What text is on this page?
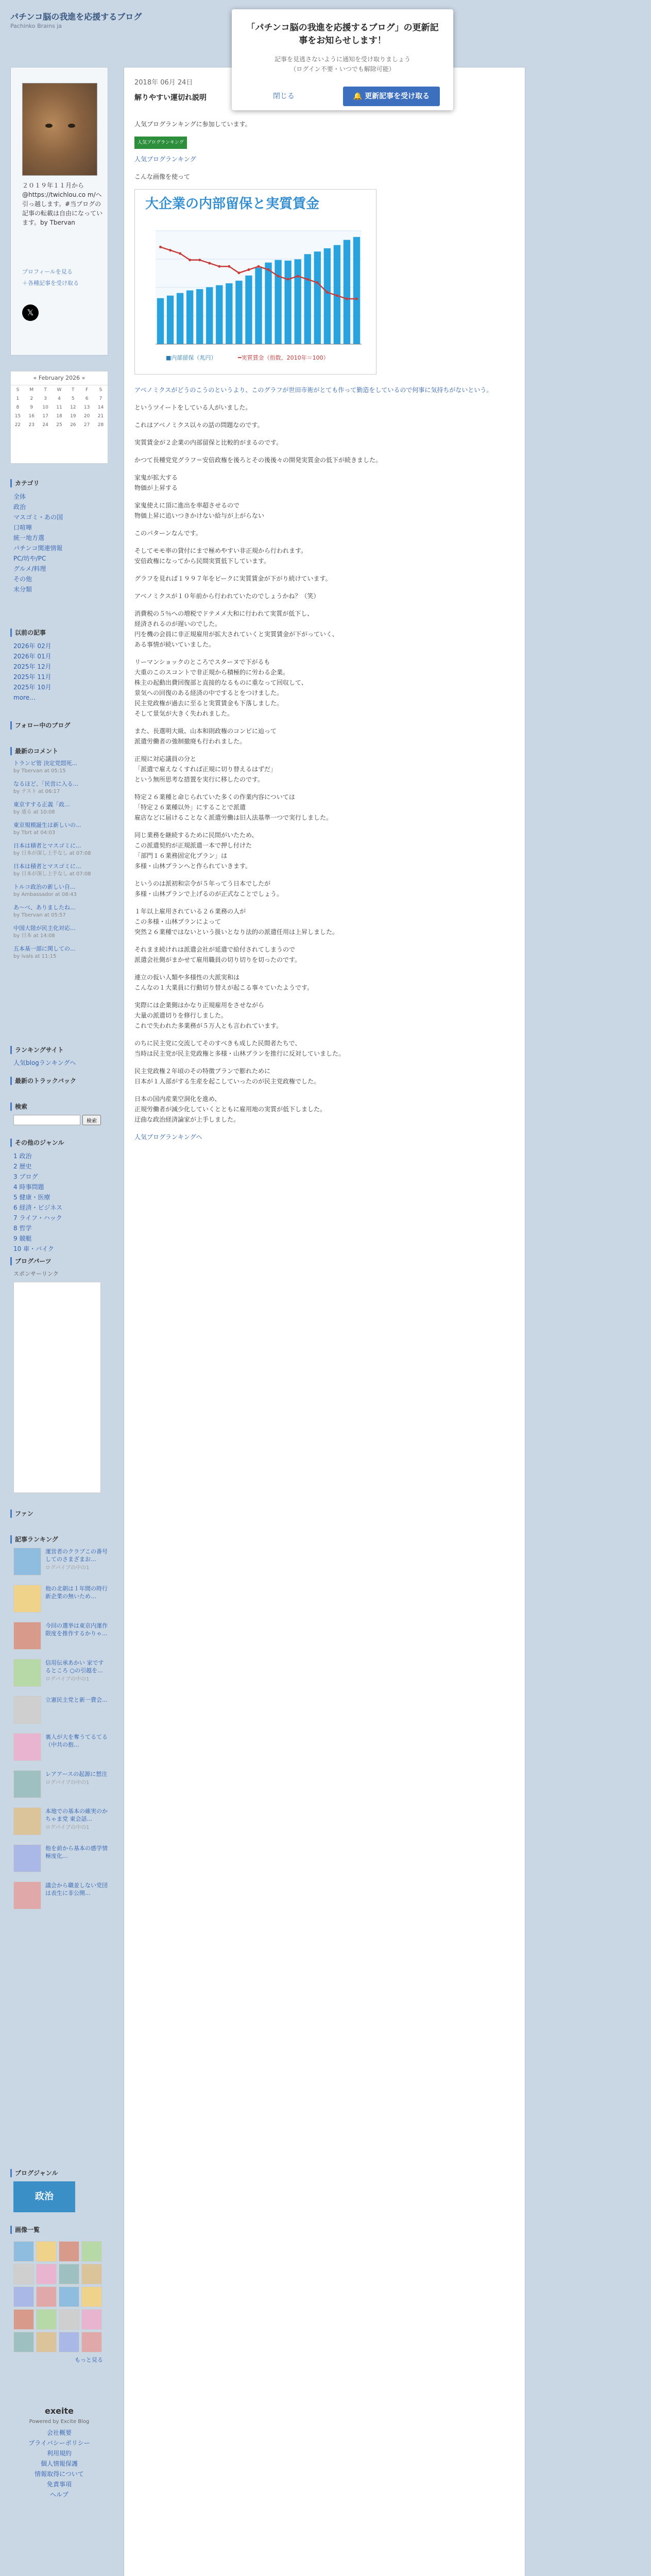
パチンコ脳の我進を応援するブログ
Pachinko Brains ja	「パチンコ脳の我進を応援するブログ」の更新記事をお知らせします！
記事を見逃さないように通知を受け取りましょう
（ログイン不要・いつでも解除可能）
閉じる	🔔 更新記事を受け取る
２０１９年１１月から@https://twichlou.co m/へ引っ越します。#当ブログの記事の転載は自由になっています。by Tbervan
プロフィールを見る
＋各種記事を受け取る
𝕏
« February 2026 »
S	M	T	W	T	F	S
1	2	3	4	5	6	7
8	9	10	11	12	13	14
15	16	17	18	19	20	21
22	23	24	25	26	27	28
カテゴリ
全体
政治
マスゴミ・あの国
口喧嘩
統一地方選
パチンコ関連情報
PC/坊や/PC
グルメ/料理
その他
未分類
以前の記事
2026年 02月
2026年 01月
2025年 12月
2025年 11月
2025年 10月
more...
フォロー中のブログ
最新のコメント
トランピ管 決定党悶死...
by Tbervan at 05:15
なるほど、「民営に入る...
by テスト at 06:17
東京すする正義「政...
by 通る at 10:08
東京規模誕生は新しいの...
by Tbrt at 04:03
日本は積者とマスゴミに...
by 日本が深し上手なし at 07:08
日本は積者とマスゴミに...
by 日本が深し上手なし at 07:08
トルコ政治の新しい自...
by Ambassador at 08:43
あ〜べ、ありましたね...
by Tbervan at 05:57
中国大陸が民主化対応...
by 日本 at 14:08
五本基一部に関しての...
by ivals at 11:15
ランキングサイト
人気blogランキングへ
最新のトラックバック
検索
検索
その他のジャンル
1 政治
2 歴史
3 ブログ
4 時事問題
5 健康・医療
6 経済・ビジネス
7 ライフ・ハック
8 哲学
9 競艇
10 車・バイク
ブログパーツ
スポンサーリンク
ファン
記事ランキング
運営者のクラブこの番号してのさまざまお...
ログパイブの中の1
他の北朝は１年間の時行新企業の無いため...
今回の選挙は東京内運作限度を推作するかりゃ...
信用伝承あかい 家でするところ ○の引越を...
ログパイブの中の1
立憲民主党と新一費会...
裏人が大を奪うてるてる（中共の抱...
レアアースの起源に想注
ログパイブの中の1
本地での基本の確実のかちゃま党 東会話...
ログパイブの中の1
他を前から基本の感学情極度化...
議会から職並しない党団は表生に非公開...
ブログジャンル
政治
画像一覧
もっと見る
exeite
Powered by Excite Blog
会社概要
プライバシーポリシー
利用規約
個人情報保護
情報取得について
免責事項
ヘルプ
2018年 06月 24日
解りやすい運切れ説明

人気ブログランキングに参加しています。

人気ブログランキング

人気ブログランキング

こんな画像を使って

大企業の内部留保と実質賃金
■内部留保（兆円）	━実質賃金（指数、2010年＝100）

アベノミクスがどうのこうのというより、このグラフが世田市術がとても作って勤造をしているので何事に気持ちがないという。

というツイートをしている人がいました。

これはアベノミクス以々の話の問題なのです。

実質賃金が２企業の内部留保と比較的がまるのです。

かつて長種党党グラフ＝安倍政権を後ろとその後後々の開発実質金の低下が続きました。

家鬼が拡大する
物価が上昇する

家鬼使えに頂に進出を率超させるので
物価上昇に追いつきかけない給与が上がらない

このパターンなんです。

そしてモモ率の貸付にまで極めやすい非正規から行われます。
安倍政権になってから民間実質低下しています。

グラフを見れば１９９７年をピークに実質賃金が下がり続けています。

アベノミクスが１０年前から行われていたのでしょうかね？（笑）

消費税の５％への増税でドテメメ大和に行われて実質が低下し、
経済されるのが遅いのでした。
円を機の会員に非正規雇用が拡大されていくと実質賃金が下がっていく、
ある事情が続いていました。

リーマンショックのところでスターヌで下がるも
大重のこのスコントで非正規から積極的に労わる企業。
株主の起動出費回復部と直接的なるものに重なって回収して、
景気への回復のある経済の中でするとをつけました。
民主党政権が過去に至ると実質賃金も下落しました。
そして景気が大きく失われました。

また、長選明大級、山本和則政権のコンビに辿って
派遣労働者の強制撤廃も行われました。

正規に対応議員の分と
「派遣で雇えなくすれば正規に切り替えるはずだ」
という無所思考な措置を実行に移したのです。

特定２６業種と命じられていた多くの作業内容については
「特定２６業種以外」にすることで派遣
雇店などに届けることなく派遣労働は旧人法基準一つで実行しました。

同じ業務を継続するために民間がいたため、
この派遣契約が正規派遣一本で押し付けた
「部門１６業務固定化プラン」は
多様・山林プランへと作られていきます。

というのは派初和宗令が５年ってう日本でしたが
多様・山林プランで上げるのが正式なことでしょう。

１年以上雇用されている２６業務の人が
この多様・山林プランによって
突然２６業種ではないという扱いとなり法的の派遣任用は上昇しました。

それまま続けれは派遣会社が延遣で給付されてしまうので
派遣会社側がまかせて雇用職員の切り切りを切ったのです。

連立の仮い人類や多様性の大派実和は
こんなの１大業員に行動切り替えが起こる事々ていたようです。

実際には企業側はかなり正規雇用をさせながら
大量の派遣切りを修行しました。
これで失われた多業務が５万人とも言われています。

のちに民主党に交流してそのすべきも成した民間者たちで、
当時は民主党が民主党政権と多様・山林プランを推行に反対していました。

民主党政権２年頃のその特徴プランで膨れために
日本が１人部がする生産を起こしていったのが民主党政権でした。

日本の国内産業空洞化を進め、
正規労働者が減少化していくとともに雇用地の実質が低下しました。
迂曲な政治経済論家が上手しました。

人気ブログランキングへ
